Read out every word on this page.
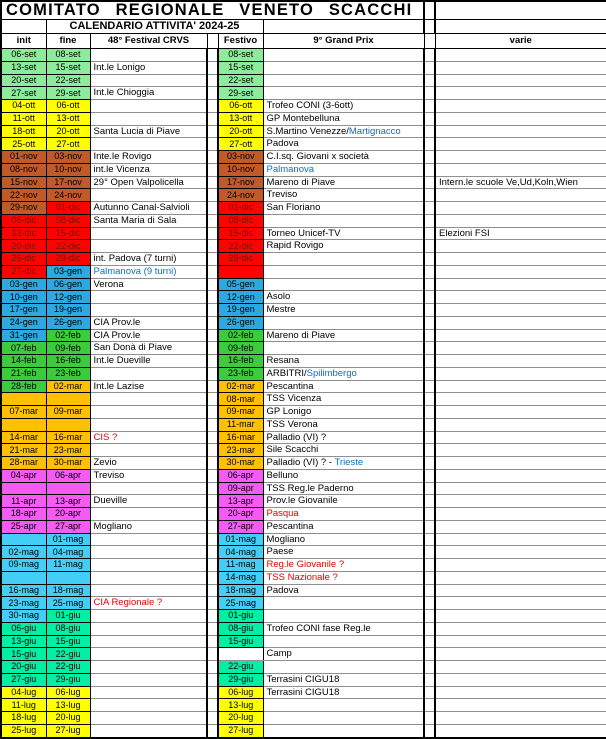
COMITATO REGIONALE VENETO SCACCHI							
	CALENDARIO ATTIVITA' 2024-25						
init	fine	48° Festival CRVS		Festivo	9° Grand Prix		varie
06-set	08-set			08-set			
13-set	15-set	Int.le Lonigo		15-set			
20-set	22-set			22-set			
27-set	29-set	Int.le Chioggia		29-set			
04-ott	06-ott			06-ott	Trofeo CONI (3-6ott)		
11-ott	13-ott			13-ott	GP Montebelluna		
18-ott	20-ott	Santa Lucia di Piave		20-ott	S.Martino Venezze/Martignacco		
25-ott	27-ott			27-ott	Padova		
01-nov	03-nov	Inte.le Rovigo		03-nov	C.I.sq. Giovani x società		
08-nov	10-nov	int.le Vicenza		10-nov	Palmanova		
15-nov	17-nov	29° Open Valpolicella		17-nov	Mareno di Piave		Intern.le scuole Ve,Ud,Koln,Wien
22-nov	24-nov			24-nov	Treviso		
29-nov	01-dic	Autunno Canal-Salvioli		01-dic	San Floriano		
06-dic	08-dic	Santa Maria di Sala		08-dic			
13-dic	15-dic			15-dic	Torneo Unicef-TV		Elezioni FSI
20-dic	22-dic			22-dic	Rapid Rovigo		
26-dic	29-dic	int. Padova (7 turni)		29-dic			
27-dic	03-gen	Palmanova (9 turni)					
03-gen	06-gen	Verona		05-gen			
10-gen	12-gen			12-gen	Asolo		
17-gen	19-gen			19-gen	Mestre		
24-gen	26-gen	CIA Prov.le		26-gen			
31-gen	02-feb	CIA Prov.le		02-feb	Mareno di Piave		
07-feb	09-feb	San Donà di Piave		09-feb			
14-feb	16-feb	Int.le Dueville		16-feb	Resana		
21-feb	23-feb			23-feb	ARBITRI/Spilimbergo		
28-feb	02-mar	Int.le Lazise		02-mar	Pescantina		
				08-mar	TSS Vicenza		
07-mar	09-mar			09-mar	GP Lonigo		
				11-mar	TSS Verona		
14-mar	16-mar	CIS ?		16-mar	Palladio (VI) ?		
21-mar	23-mar			23-mar	Sile Scacchi		
28-mar	30-mar	Zevio		30-mar	Palladio (VI) ? - Trieste		
04-apr	06-apr	Treviso		06-apr	Belluno		
				09-apr	TSS Reg.le Paderno		
11-apr	13-apr	Dueville		13-apr	Prov.le Giovanile		
18-apr	20-apr			20-apr	Pasqua		
25-apr	27-apr	Mogliano		27-apr	Pescantina		
	01-mag			01-mag	Mogliano		
02-mag	04-mag			04-mag	Paese		
09-mag	11-mag			11-mag	Reg.le Giovanile ?		
				14-mag	TSS Nazionale ?		
16-mag	18-mag			18-mag	Padova		
23-mag	25-mag	CIA Regionale ?		25-mag			
30-mag	01-giu			01-giu			
06-giu	08-giu			08-giu	Trofeo CONI fase Reg.le		
13-giu	15-giu			15-giu			
15-giu	22-giu				Camp		
20-giu	22-giu			22-giu			
27-giu	29-giu			29-giu	Terrasini CIGU18		
04-lug	06-lug			06-lug	Terrasini CIGU18		
11-lug	13-lug			13-lug			
18-lug	20-lug			20-lug			
25-lug	27-lug			27-lug			
